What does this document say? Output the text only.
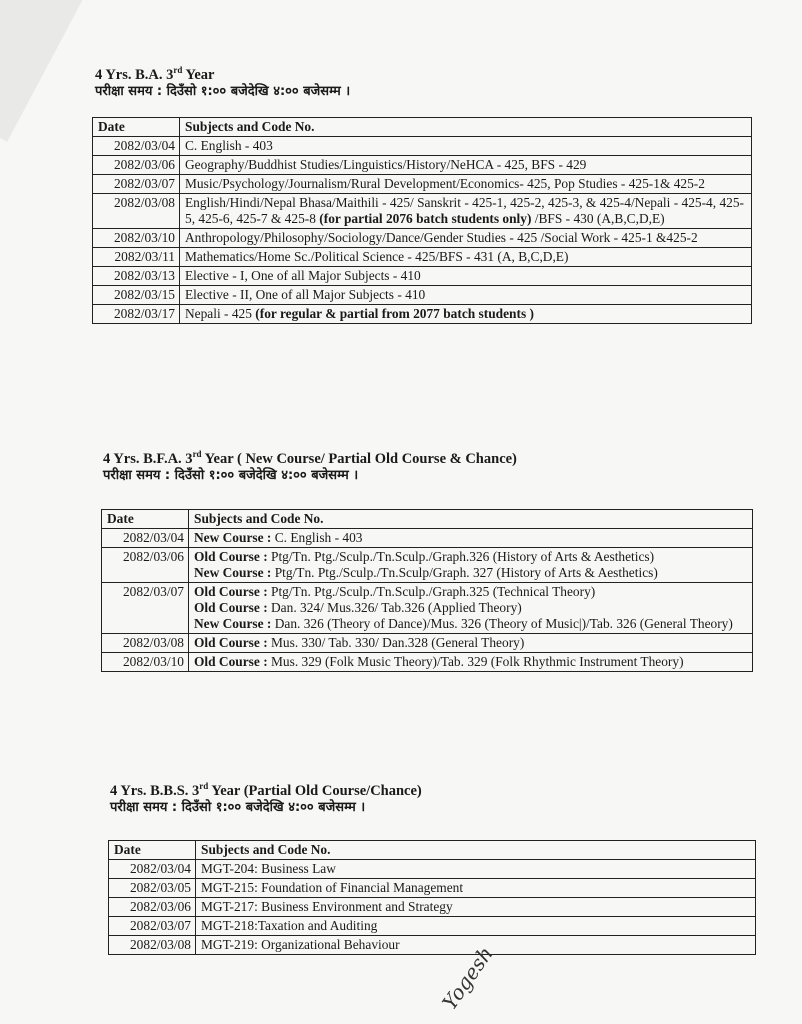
4 Yrs. B.A. 3rd Year
परीक्षा समय : दिउँसो १:०० बजेदेखि ४:०० बजेसम्म ।
Date	Subjects and Code No.
2082/03/04	C. English - 403
2082/03/06	Geography/Buddhist Studies/Linguistics/History/NeHCA - 425, BFS - 429
2082/03/07	Music/Psychology/Journalism/Rural Development/Economics- 425, Pop Studies - 425-1& 425-2
2082/03/08	English/Hindi/Nepal Bhasa/Maithili - 425/ Sanskrit - 425-1, 425-2, 425-3, & 425-4/Nepali - 425-4, 425-5, 425-6, 425-7 & 425-8 (for partial 2076 batch students only) /BFS - 430 (A,B,C,D,E)
2082/03/10	Anthropology/Philosophy/Sociology/Dance/Gender Studies - 425 /Social Work - 425-1 &425-2
2082/03/11	Mathematics/Home Sc./Political Science - 425/BFS - 431 (A, B,C,D,E)
2082/03/13	Elective - I, One of all Major Subjects - 410
2082/03/15	Elective - II, One of all Major Subjects - 410
2082/03/17	Nepali - 425 (for regular & partial from 2077 batch students )
4 Yrs. B.F.A. 3rd Year ( New Course/ Partial Old Course & Chance)
परीक्षा समय : दिउँसो १:०० बजेदेखि ४:०० बजेसम्म ।
Date	Subjects and Code No.
2082/03/04	New Course : C. English - 403

2082/03/06	Old Course : Ptg/Tn. Ptg./Sculp./Tn.Sculp./Graph.326 (History of Arts & Aesthetics)
New Course : Ptg/Tn. Ptg./Sculp./Tn.Sculp/Graph. 327 (History of Arts & Aesthetics)

2082/03/07	Old Course : Ptg/Tn. Ptg./Sculp./Tn.Sculp./Graph.325 (Technical Theory)
Old Course : Dan. 324/ Mus.326/ Tab.326 (Applied Theory)
New Course : Dan. 326 (Theory of Dance)/Mus. 326 (Theory of Music|)/Tab. 326 (General Theory)

2082/03/08	Old Course : Mus. 330/ Tab. 330/ Dan.328 (General Theory)

2082/03/10	Old Course : Mus. 329 (Folk Music Theory)/Tab. 329 (Folk Rhythmic Instrument Theory)
4 Yrs. B.B.S. 3rd Year (Partial Old Course/Chance)
परीक्षा समय : दिउँसो १:०० बजेदेखि ४:०० बजेसम्म ।
Date	Subjects and Code No.
2082/03/04	MGT-204: Business Law
2082/03/05	MGT-215: Foundation of Financial Management
2082/03/06	MGT-217: Business Environment and Strategy
2082/03/07	MGT-218:Taxation and Auditing
2082/03/08	MGT-219: Organizational Behaviour Yogesh
